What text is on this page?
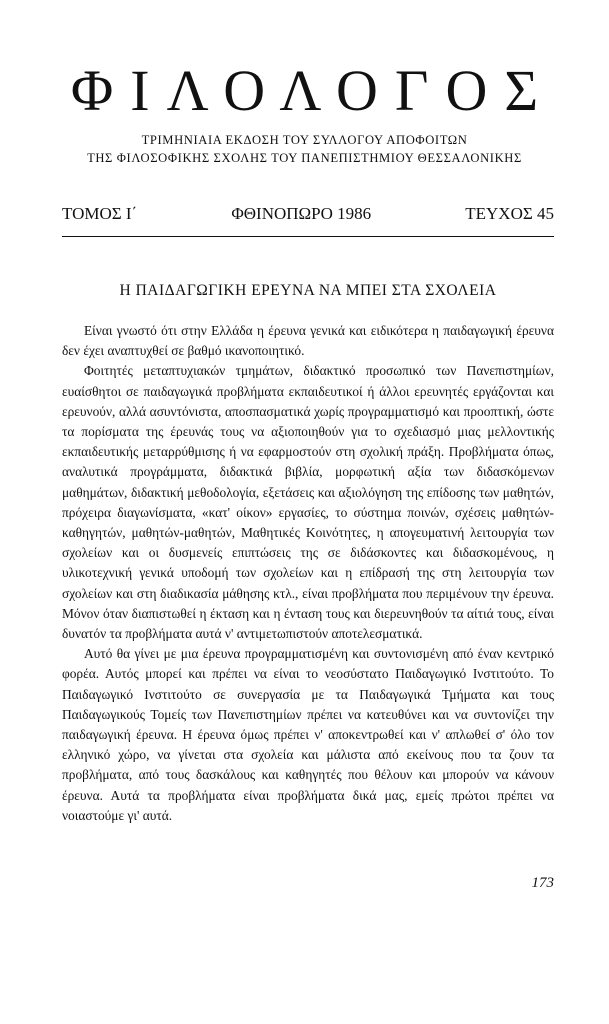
ΦΙΛΟΛΟΓΟΣ
ΤΡΙΜΗΝΙΑΙΑ ΕΚΔΟΣΗ ΤΟΥ ΣΥΛΛΟΓΟΥ ΑΠΟΦΟΙΤΩΝ
ΤΗΣ ΦΙΛΟΣΟΦΙΚΗΣ ΣΧΟΛΗΣ ΤΟΥ ΠΑΝΕΠΙΣΤΗΜΙΟΥ ΘΕΣΣΑΛΟΝΙΚΗΣ
ΤΟΜΟΣ Ι΄	ΦΘΙΝΟΠΩΡΟ 1986	ΤΕΥΧΟΣ 45
Η ΠΑΙΔΑΓΩΓΙΚΗ ΕΡΕΥΝΑ ΝΑ ΜΠΕΙ ΣΤΑ ΣΧΟΛΕΙΑ

Είναι γνωστό ότι στην Ελλάδα η έρευνα γενικά και ειδικότερα η παιδαγωγική έρευνα δεν έχει αναπτυχθεί σε βαθμό ικανοποιητικό.

Φοιτητές μεταπτυχιακών τμημάτων, διδακτικό προσωπικό των Πανεπιστημίων, ευαίσθητοι σε παιδαγωγικά προβλήματα εκπαιδευτικοί ή άλλοι ερευνητές εργάζονται και ερευνούν, αλλά ασυντόνιστα, αποσπασματικά χωρίς προγραμματισμό και προοπτική, ώστε τα πορίσματα της έρευνάς τους να αξιοποιηθούν για το σχεδιασμό μιας μελλοντικής εκπαιδευτικής μεταρρύθμισης ή να εφαρμοστούν στη σχολική πράξη. Προβλήματα όπως, αναλυτικά προγράμματα, διδακτικά βιβλία, μορφωτική αξία των διδασκόμενων μαθημάτων, διδακτική μεθοδολογία, εξετάσεις και αξιολόγηση της επίδοσης των μαθητών, πρόχειρα διαγωνίσματα, «κατ' οίκον» εργασίες, το σύστημα ποινών, σχέσεις μαθητών-καθηγητών, μαθητών-μαθητών, Μαθητικές Κοινότητες, η απογευματινή λειτουργία των σχολείων και οι δυσμενείς επιπτώσεις της σε διδάσκοντες και διδασκομένους, η υλικοτεχνική γενικά υποδομή των σχολείων και η επίδρασή της στη λειτουργία των σχολείων και στη διαδικασία μάθησης κτλ., είναι προβλήματα που περιμένουν την έρευνα. Μόνον όταν διαπιστωθεί η έκταση και η ένταση τους και διερευνηθούν τα αίτιά τους, είναι δυνατόν τα προβλήματα αυτά ν' αντιμετωπιστούν αποτελεσματικά.

Αυτό θα γίνει με μια έρευνα προγραμματισμένη και συντονισμένη από έναν κεντρικό φορέα. Αυτός μπορεί και πρέπει να είναι το νεοσύστατο Παιδαγωγικό Ινστιτούτο. Το Παιδαγωγικό Ινστιτούτο σε συνεργασία με τα Παιδαγωγικά Τμήματα και τους Παιδαγωγικούς Τομείς των Πανεπιστημίων πρέπει να κατευθύνει και να συντονίζει την παιδαγωγική έρευνα. Η έρευνα όμως πρέπει ν' αποκεντρωθεί και ν' απλωθεί σ' όλο τον ελληνικό χώρο, να γίνεται στα σχολεία και μάλιστα από εκείνους που τα ζουν τα προβλήματα, από τους δασκάλους και καθηγητές που θέλουν και μπορούν να κάνουν έρευνα. Αυτά τα προβλήματα είναι προβλήματα δικά μας, εμείς πρώτοι πρέπει να νοιαστούμε γι' αυτά.

173
